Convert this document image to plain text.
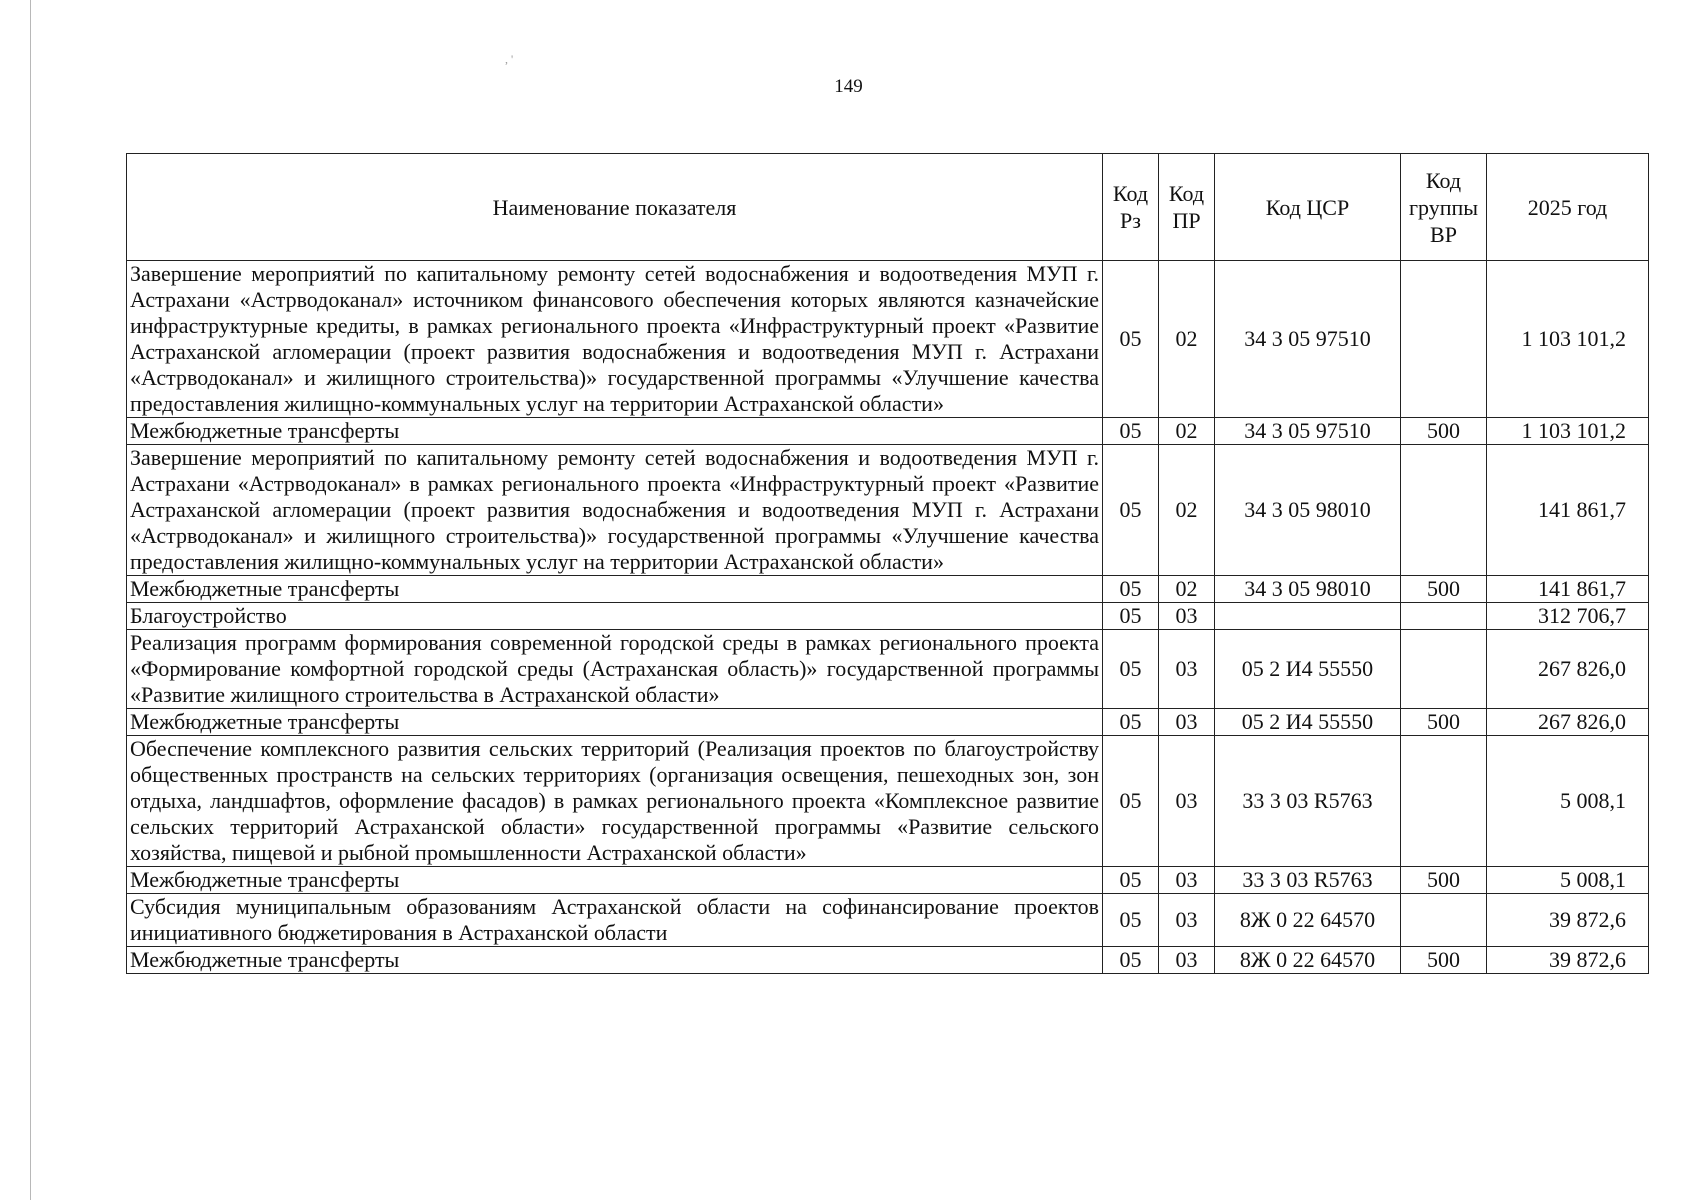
, '
149
Наименование показателя	Код Рз	Код ПР	Код ЦСР	Код группы ВР	2025 год
Завершение мероприятий по капитальному ремонту сетей водоснабжения и водоотведения МУП г. Астрахани «Астрводоканал» источником финансового обеспечения которых являются казначейские инфраструктурные кредиты, в рамках регионального проекта «Инфраструктурный проект «Развитие Астраханской агломерации (проект развития водоснабжения и водоотведения МУП г. Астрахани «Астрводоканал» и жилищного строительства)» государственной программы «Улучшение качества предоставления жилищно-коммунальных услуг на территории Астраханской области»	05	02	34 3 05 97510		1 103 101,2
Межбюджетные трансферты	05	02	34 3 05 97510	500	1 103 101,2
Завершение мероприятий по капитальному ремонту сетей водоснабжения и водоотведения МУП г. Астрахани «Астрводоканал» в рамках регионального проекта «Инфраструктурный проект «Развитие Астраханской агломерации (проект развития водоснабжения и водоотведения МУП г. Астрахани «Астрводоканал» и жилищного строительства)» государственной программы «Улучшение качества предоставления жилищно-коммунальных услуг на территории Астраханской области»	05	02	34 3 05 98010		141 861,7
Межбюджетные трансферты	05	02	34 3 05 98010	500	141 861,7
Благоустройство	05	03			312 706,7
Реализация программ формирования современной городской среды в рамках регионального проекта «Формирование комфортной городской среды (Астраханская область)» государственной программы «Развитие жилищного строительства в Астраханской области»	05	03	05 2 И4 55550		267 826,0
Межбюджетные трансферты	05	03	05 2 И4 55550	500	267 826,0
Обеспечение комплексного развития сельских территорий (Реализация проектов по благоустройству общественных пространств на сельских территориях (организация освещения, пешеходных зон, зон отдыха, ландшафтов, оформление фасадов) в рамках регионального проекта «Комплексное развитие сельских территорий Астраханской области» государственной программы «Развитие сельского хозяйства, пищевой и рыбной промышленности Астраханской области»	05	03	33 3 03 R5763		5 008,1
Межбюджетные трансферты	05	03	33 3 03 R5763	500	5 008,1
Субсидия муниципальным образованиям Астраханской области на софинансирование проектов инициативного бюджетирования в Астраханской области	05	03	8Ж 0 22 64570		39 872,6
Межбюджетные трансферты	05	03	8Ж 0 22 64570	500	39 872,6
